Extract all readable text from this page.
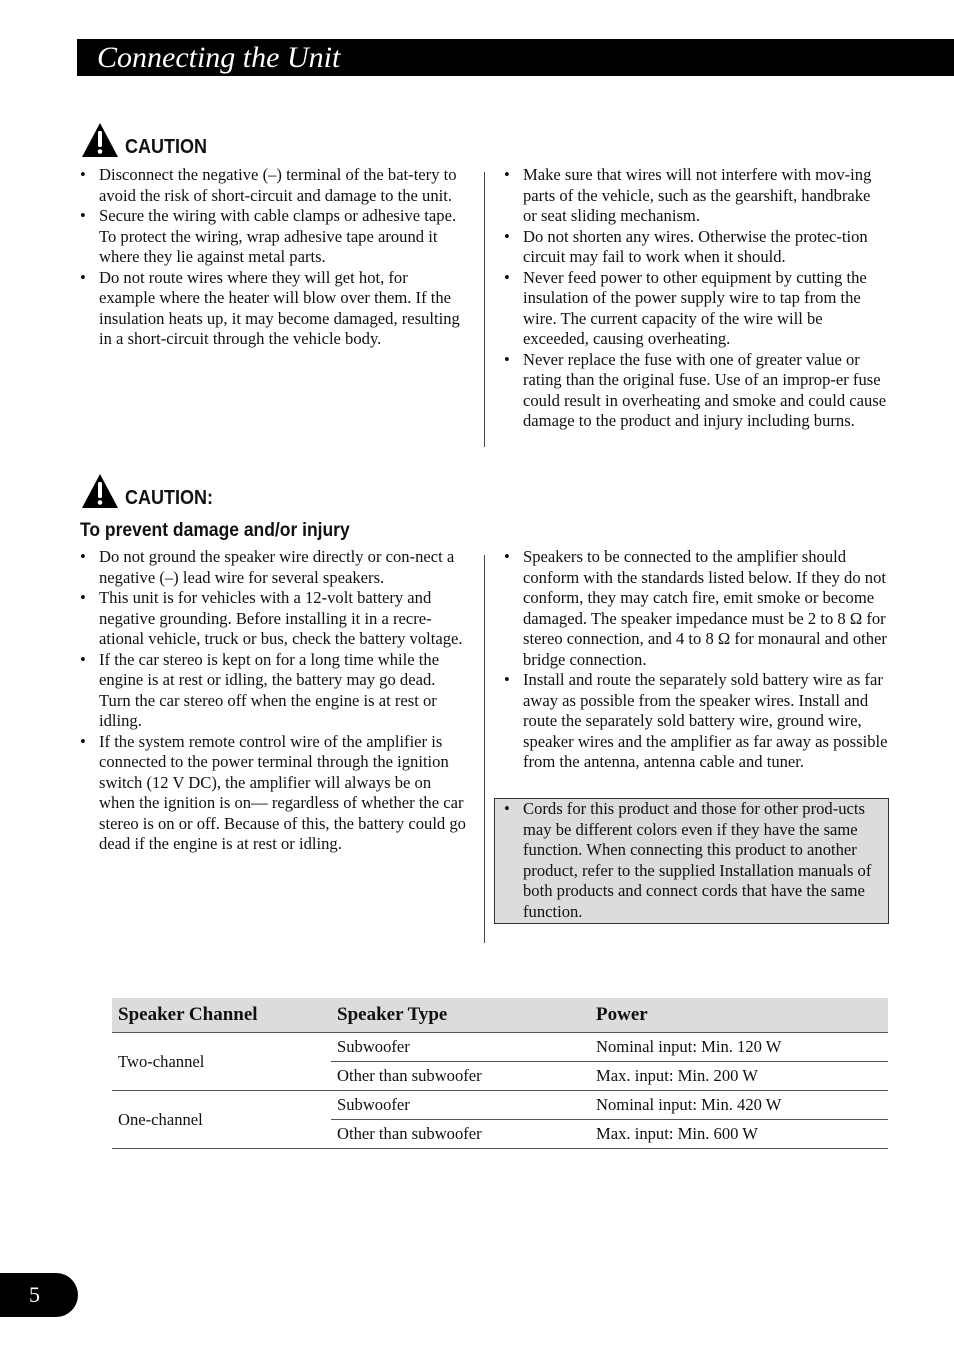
Connecting the Unit
CAUTION
• Disconnect the negative (–) terminal of the bat-tery to avoid the risk of short-circuit and damage to the unit.
• Secure the wiring with cable clamps or adhesive tape. To protect the wiring, wrap adhesive tape around it where they lie against metal parts.
• Do not route wires where they will get hot, for example where the heater will blow over them. If the insulation heats up, it may become damaged, resulting in a short-circuit through the vehicle body.
• Make sure that wires will not interfere with mov-ing parts of the vehicle, such as the gearshift, handbrake or seat sliding mechanism.
• Do not shorten any wires. Otherwise the protec-tion circuit may fail to work when it should.
• Never feed power to other equipment by cutting the insulation of the power supply wire to tap from the wire. The current capacity of the wire will be exceeded, causing overheating.
• Never replace the fuse with one of greater value or rating than the original fuse. Use of an improp-er fuse could result in overheating and smoke and could cause damage to the product and injury including burns.
CAUTION:
To prevent damage and/or injury
• Do not ground the speaker wire directly or con-nect a negative (–) lead wire for several speakers.
• This unit is for vehicles with a 12-volt battery and negative grounding. Before installing it in a recre-ational vehicle, truck or bus, check the battery voltage.
• If the car stereo is kept on for a long time while the engine is at rest or idling, the battery may go dead. Turn the car stereo off when the engine is at rest or idling.
• If the system remote control wire of the amplifier is connected to the power terminal through the ignition switch (12 V DC), the amplifier will always be on when the ignition is on— regardless of whether the car stereo is on or off. Because of this, the battery could go dead if the engine is at rest or idling.
• Speakers to be connected to the amplifier should conform with the standards listed below. If they do not conform, they may catch fire, emit smoke or become damaged. The speaker impedance must be 2 to 8 Ω for stereo connection, and 4 to 8 Ω for monaural and other bridge connection.
• Install and route the separately sold battery wire as far away as possible from the speaker wires. Install and route the separately sold battery wire, ground wire, speaker wires and the amplifier as far away as possible from the antenna, antenna cable and tuner.
• Cords for this product and those for other prod-ucts may be different colors even if they have the same function. When connecting this product to another product, refer to the supplied Installation manuals of both products and connect cords that have the same function.
Speaker Channel	Speaker Type	Power
Two-channel
Subwoofer	Nominal input: Min. 120 W
Other than subwoofer	Max. input: Min. 200 W
One-channel
Subwoofer	Nominal input: Min. 420 W
Other than subwoofer	Max. input: Min. 600 W
5
